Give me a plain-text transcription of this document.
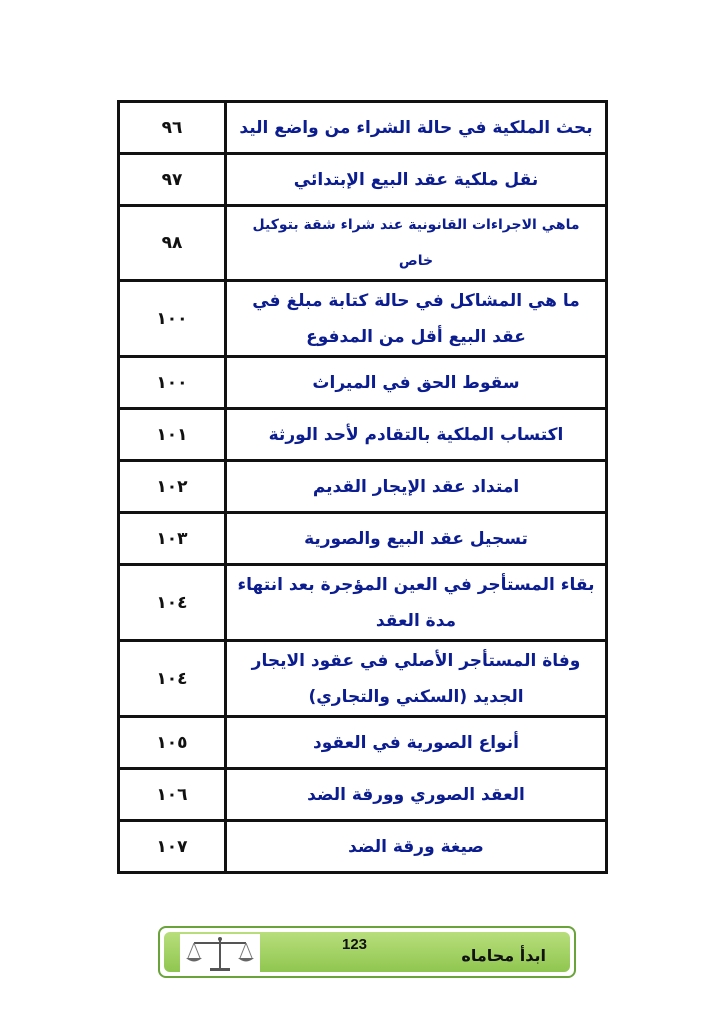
٩٦	بحث الملكية في حالة الشراء من واضع اليد
٩٧	نقل ملكية عقد البيع الإبتدائي
٩٨	ماهي الاجراءات القانونية عند شراء شقة بتوكيل خاص
١٠٠	ما هي المشاكل في حالة كتابة مبلغ في عقد البيع أقل من المدفوع
١٠٠	سقوط الحق في الميراث
١٠١	اكتساب الملكية بالتقادم لأحد الورثة
١٠٢	امتداد عقد الإيجار القديم
١٠٣	تسجيل عقد البيع والصورية
١٠٤	بقاء المستأجر في العين المؤجرة بعد انتهاء مدة العقد
١٠٤	وفاة المستأجر الأصلي في عقود الايجار الجديد (السكني والتجاري)
١٠٥	أنواع الصورية في العقود
١٠٦	العقد الصوري وورقة الضد
١٠٧	صيغة ورقة الضد
123
ابدأ محاماه
